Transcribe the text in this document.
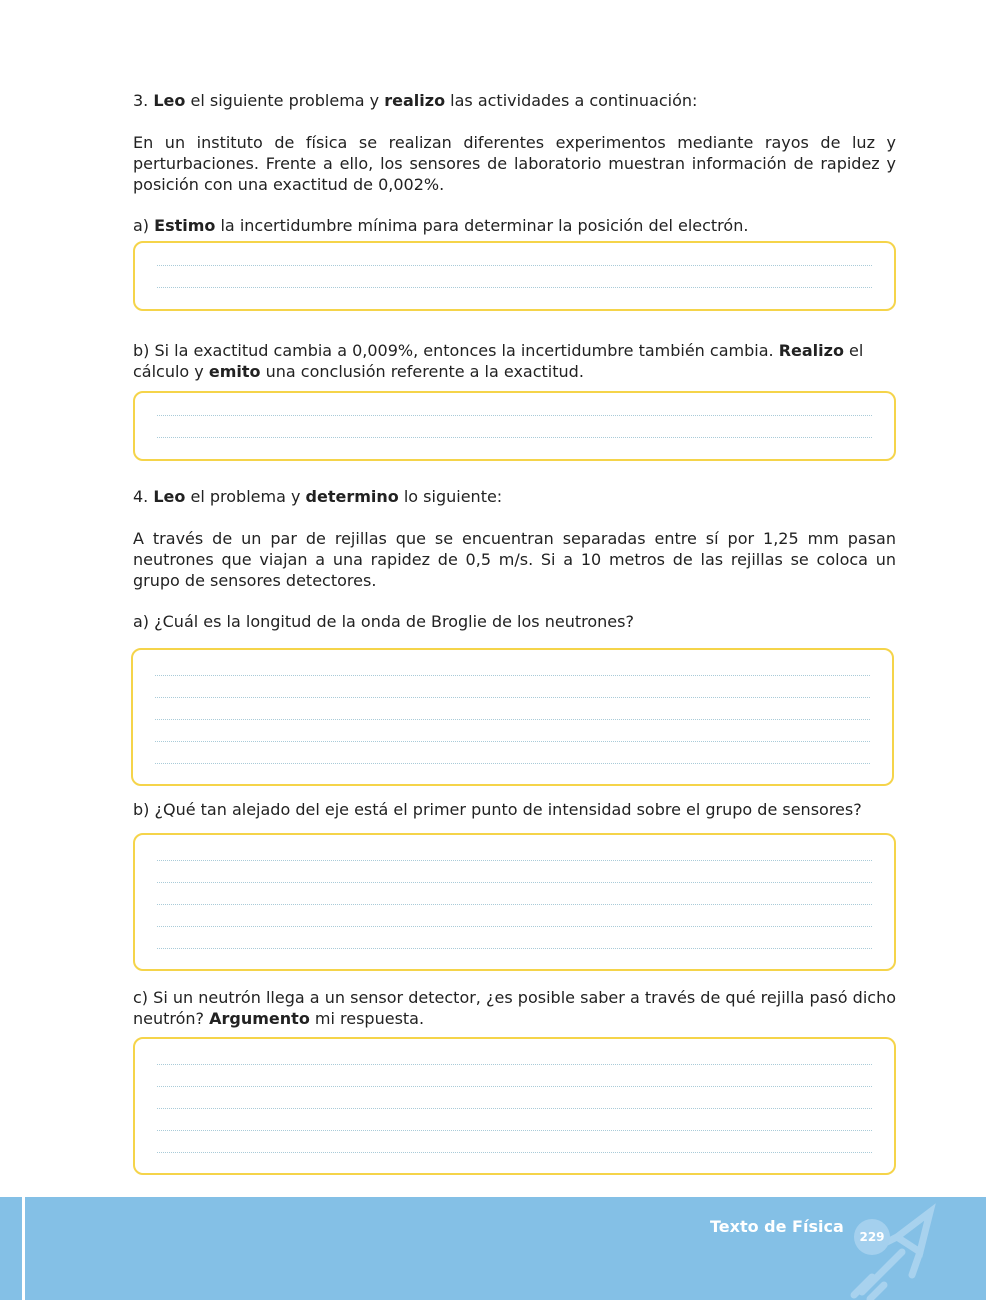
3. Leo el siguiente problema y realizo las actividades a continuación:

En un instituto de física se realizan diferentes experimentos mediante rayos de luz y perturbaciones. Frente a ello, los sensores de laboratorio muestran información de rapidez y posición con una exactitud de 0,002%.

a) Estimo la incertidumbre mínima para determinar la posición del electrón.

b) Si la exactitud cambia a 0,009%, entonces la incertidumbre también cambia. Realizo el cálculo y emito una conclusión referente a la exactitud.

4. Leo el problema y determino lo siguiente:

A través de un par de rejillas que se encuentran separadas entre sí por 1,25 mm pasan neutrones que viajan a una rapidez de 0,5 m/s. Si a 10 metros de las rejillas se coloca un grupo de sensores detectores.

a) ¿Cuál es la longitud de la onda de Broglie de los neutrones?

b) ¿Qué tan alejado del eje está el primer punto de intensidad sobre el grupo de sensores?

c) Si un neutrón llega a un sensor detector, ¿es posible saber a través de qué rejilla pasó dicho neutrón? Argumento mi respuesta.

Texto de Física
229
